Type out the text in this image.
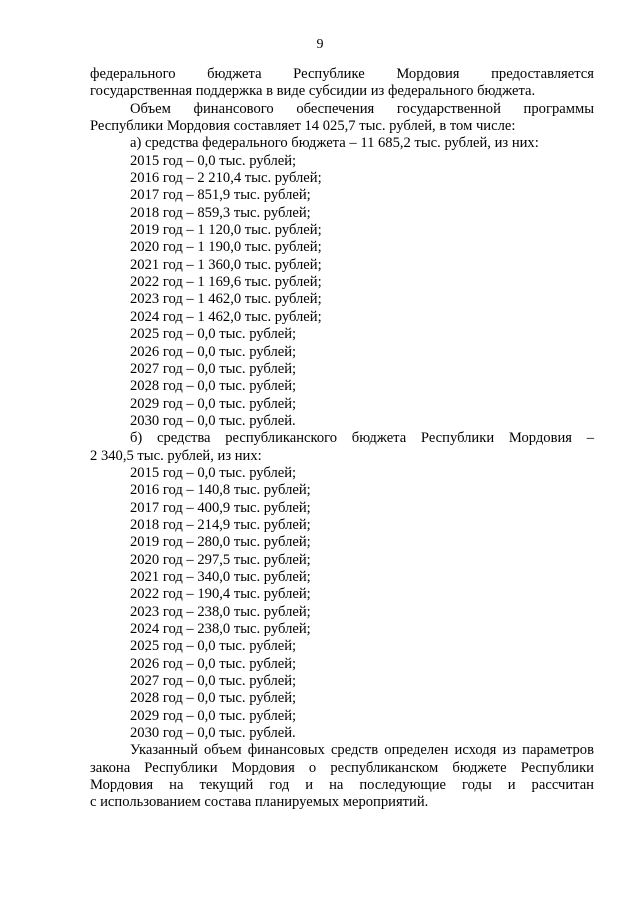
9
федерального бюджета Республике Мордовия предоставляется
государственная поддержка в виде субсидии из федерального бюджета.
Объем финансового обеспечения государственной программы
Республики Мордовия составляет 14 025,7 тыс. рублей, в том числе:
а) средства федерального бюджета – 11 685,2 тыс. рублей, из них:
2015 год – 0,0 тыс. рублей;
2016 год – 2 210,4 тыс. рублей;
2017 год – 851,9 тыс. рублей;
2018 год – 859,3 тыс. рублей;
2019 год – 1 120,0 тыс. рублей;
2020 год – 1 190,0 тыс. рублей;
2021 год – 1 360,0 тыс. рублей;
2022 год – 1 169,6 тыс. рублей;
2023 год – 1 462,0 тыс. рублей;
2024 год – 1 462,0 тыс. рублей;
2025 год – 0,0 тыс. рублей;
2026 год – 0,0 тыс. рублей;
2027 год – 0,0 тыс. рублей;
2028 год – 0,0 тыс. рублей;
2029 год – 0,0 тыс. рублей;
2030 год – 0,0 тыс. рублей.
б) средства республиканского бюджета Республики Мордовия –
2 340,5 тыс. рублей, из них:
2015 год – 0,0 тыс. рублей;
2016 год – 140,8 тыс. рублей;
2017 год – 400,9 тыс. рублей;
2018 год – 214,9 тыс. рублей;
2019 год – 280,0 тыс. рублей;
2020 год – 297,5 тыс. рублей;
2021 год – 340,0 тыс. рублей;
2022 год – 190,4 тыс. рублей;
2023 год – 238,0 тыс. рублей;
2024 год – 238,0 тыс. рублей;
2025 год – 0,0 тыс. рублей;
2026 год – 0,0 тыс. рублей;
2027 год – 0,0 тыс. рублей;
2028 год – 0,0 тыс. рублей;
2029 год – 0,0 тыс. рублей;
2030 год – 0,0 тыс. рублей.
Указанный объем финансовых средств определен исходя из параметров
закона Республики Мордовия о республиканском бюджете Республики
Мордовия на текущий год и на последующие годы и рассчитан
с использованием состава планируемых мероприятий.
